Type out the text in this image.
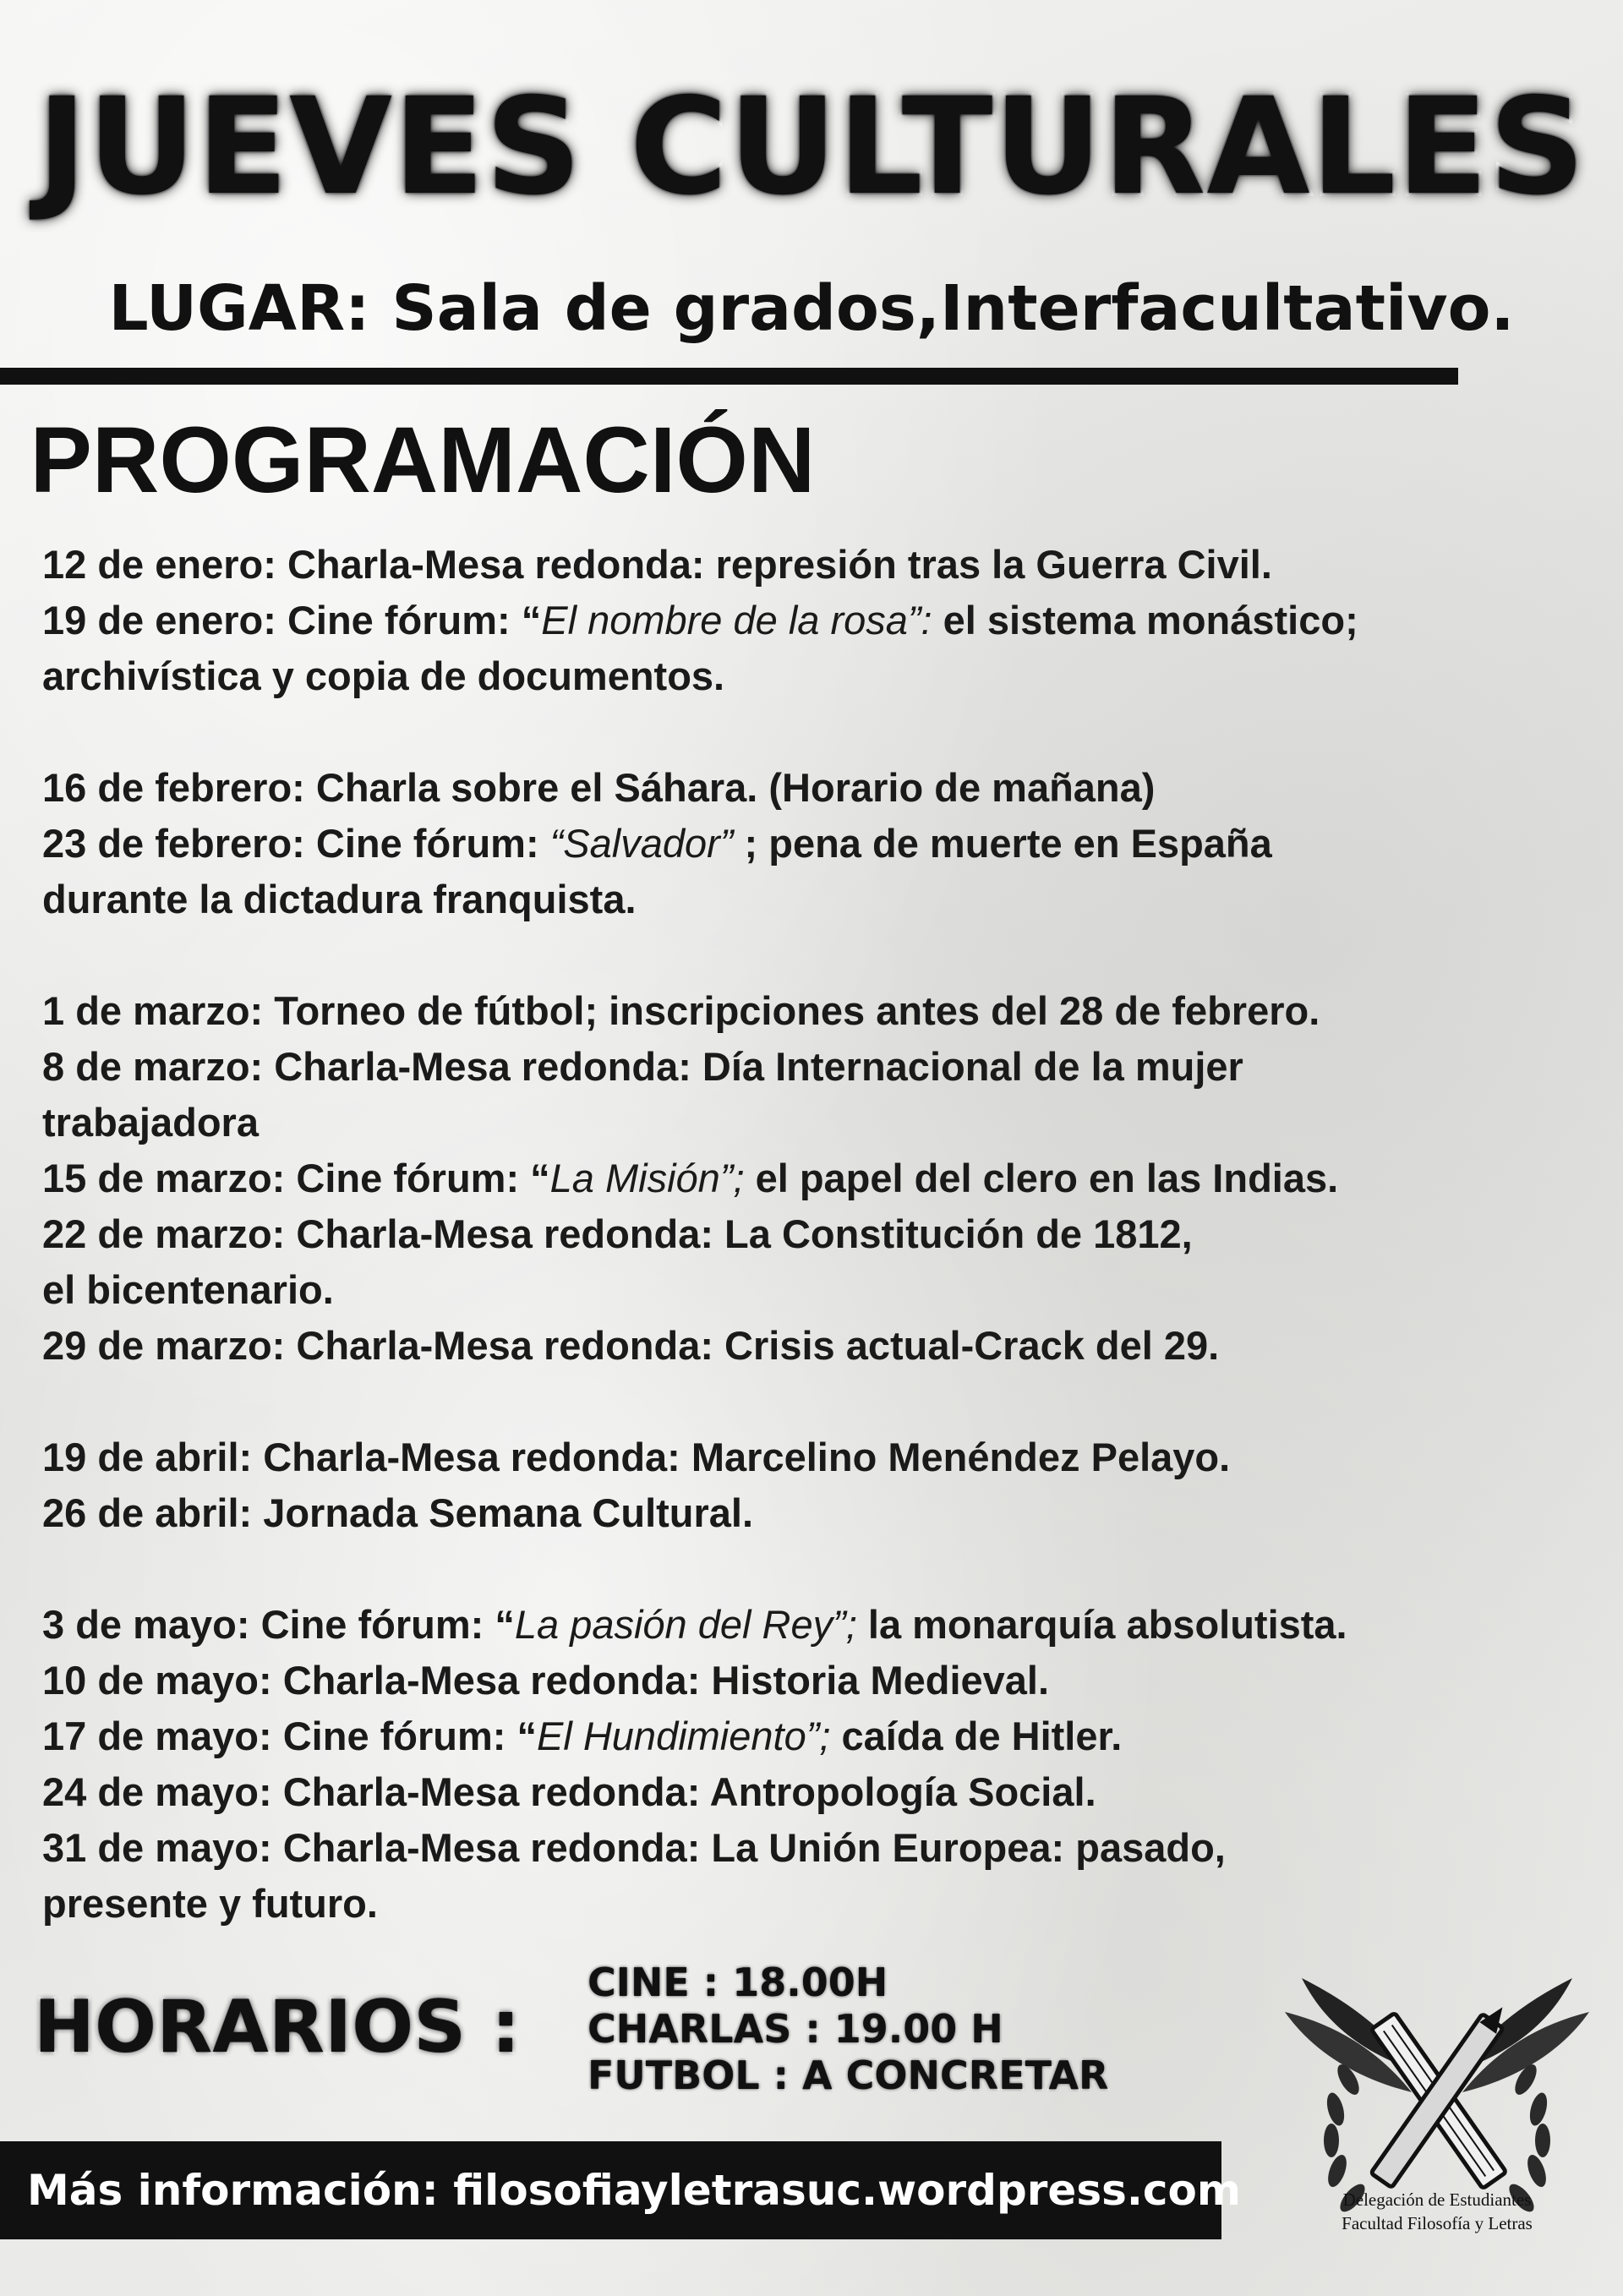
JUEVES CULTURALES
LUGAR: Sala de grados,Interfacultativo.
PROGRAMACIÓN

12 de enero: Charla-Mesa redonda: represión tras la Guerra Civil.

19 de enero: Cine fórum: “El nombre de la rosa”: el sistema monástico;

archivística y copia de documentos.

16 de febrero: Charla sobre el Sáhara. (Horario de mañana)

23 de febrero: Cine fórum: “Salvador” ; pena de muerte en España

durante la dictadura franquista.

1 de marzo: Torneo de fútbol; inscripciones antes del 28 de febrero.

8 de marzo: Charla-Mesa redonda: Día Internacional de la mujer

trabajadora

15 de marzo: Cine fórum: “La Misión”; el papel del clero en las Indias.

22 de marzo: Charla-Mesa redonda: La Constitución de 1812,

el bicentenario.

29 de marzo: Charla-Mesa redonda: Crisis actual-Crack del 29.

19 de abril: Charla-Mesa redonda: Marcelino Menéndez Pelayo.

26 de abril: Jornada Semana Cultural.

3 de mayo: Cine fórum: “La pasión del Rey”; la monarquía absolutista.

10 de mayo: Charla-Mesa redonda: Historia Medieval.

17 de mayo: Cine fórum: “El Hundimiento”; caída de Hitler.

24 de mayo: Charla-Mesa redonda: Antropología Social.

31 de mayo: Charla-Mesa redonda: La Unión Europea: pasado,

presente y futuro.

HORARIOS :
CINE : 18.00H
CHARLAS : 19.00 H
FUTBOL : A CONCRETAR
Más información: filosofiayletrasuc.wordpress.com	Delegación de Estudiantes
Facultad Filosofía y Letras
